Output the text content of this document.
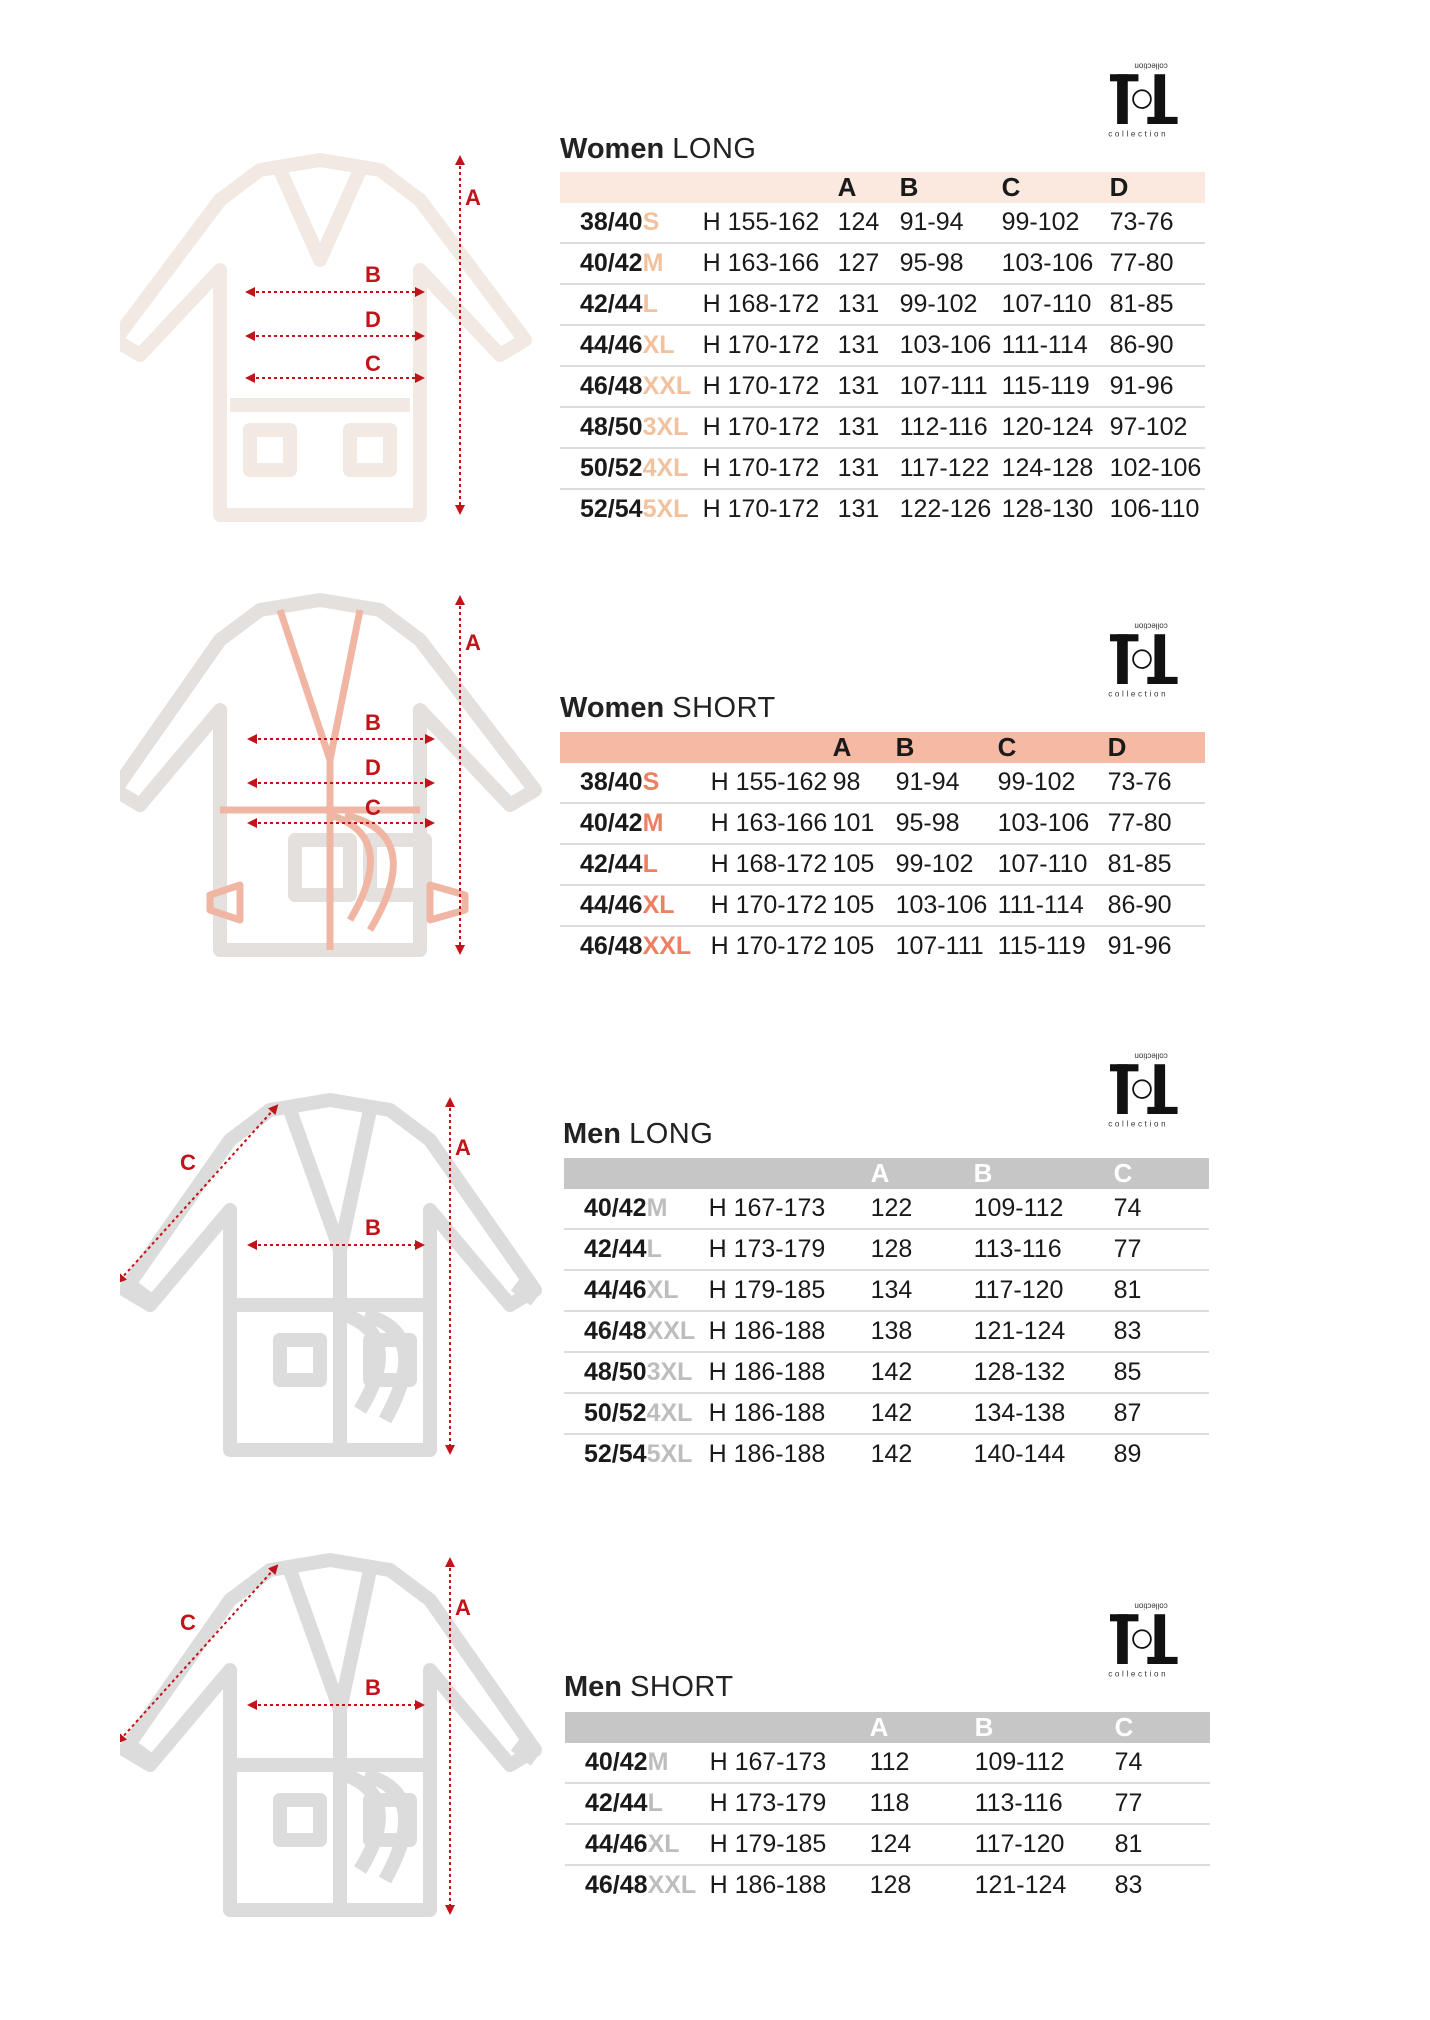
A
B
D
C
collection
collection
Women LONG
			A	B	C	D
38/40	S	H 155-162	124	91-94	99-102	73-76
40/42	M	H 163-166	127	95-98	103-106	77-80
42/44	L	H 168-172	131	99-102	107-110	81-85
44/46	XL	H 170-172	131	103-106	111-114	86-90
46/48	XXL	H 170-172	131	107-111	115-119	91-96
48/50	3XL	H 170-172	131	112-116	120-124	97-102
50/52	4XL	H 170-172	131	117-122	124-128	102-106
52/54	5XL	H 170-172	131	122-126	128-130	106-110
A
B
D
C
collection
collection
Women SHORT
			A	B	C	D
38/40	S	H 155-162	98	91-94	99-102	73-76
40/42	M	H 163-166	101	95-98	103-106	77-80
42/44	L	H 168-172	105	99-102	107-110	81-85
44/46	XL	H 170-172	105	103-106	111-114	86-90
46/48	XXL	H 170-172	105	107-111	115-119	91-96
C
A
B
collection
collection
Men LONG
			A	B	C
40/42	M	H 167-173	122	109-112	74
42/44	L	H 173-179	128	113-116	77
44/46	XL	H 179-185	134	117-120	81
46/48	XXL	H 186-188	138	121-124	83
48/50	3XL	H 186-188	142	128-132	85
50/52	4XL	H 186-188	142	134-138	87
52/54	5XL	H 186-188	142	140-144	89
C
A
B
collection
collection
Men SHORT
			A	B	C
40/42	M	H 167-173	112	109-112	74
42/44	L	H 173-179	118	113-116	77
44/46	XL	H 179-185	124	117-120	81
46/48	XXL	H 186-188	128	121-124	83
